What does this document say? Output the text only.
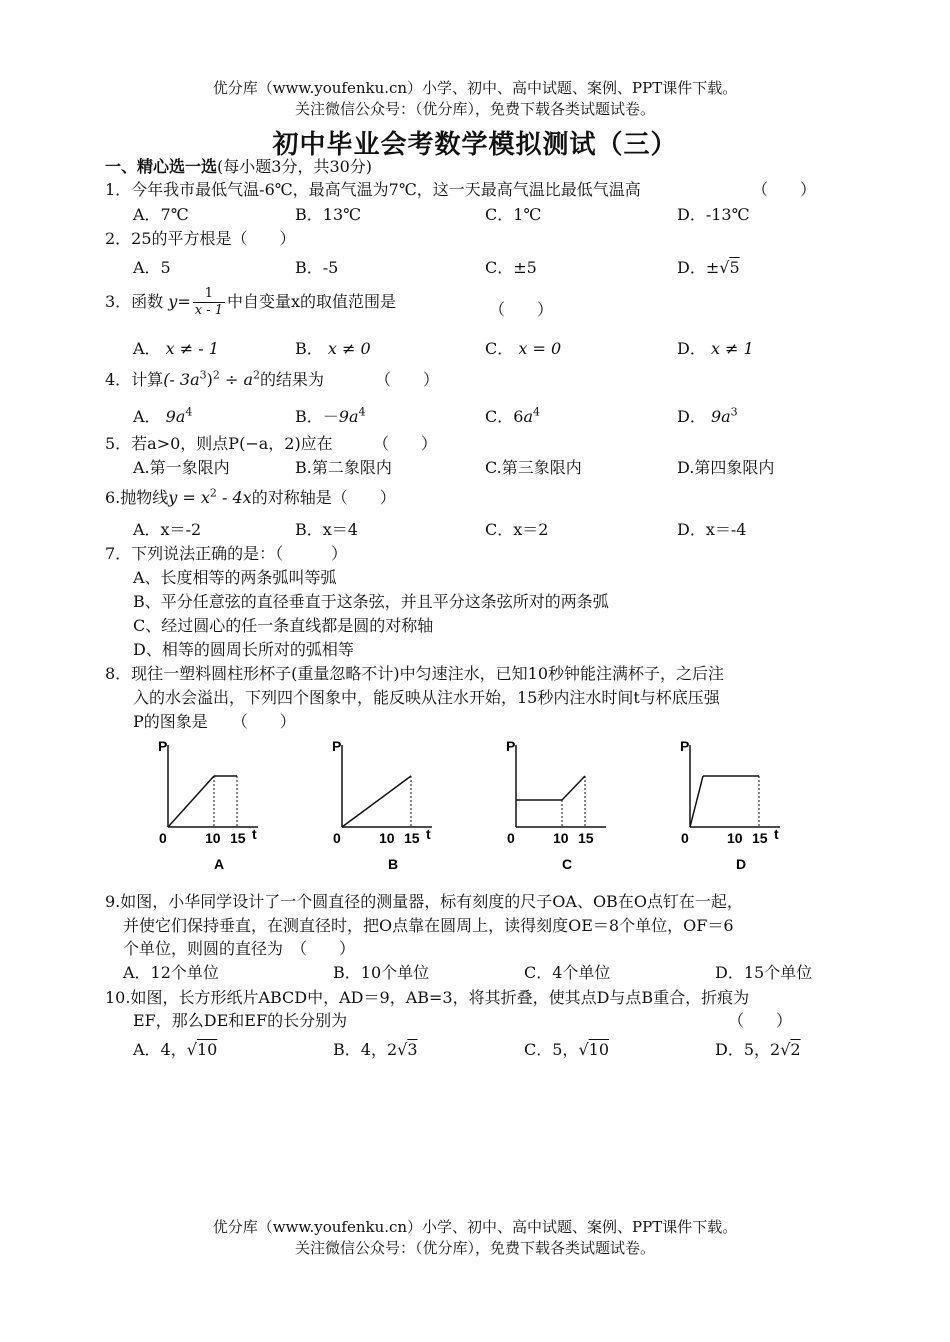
优分库（www.youfenku.cn）小学、初中、高中试题、案例、PPT课件下载。
关注微信公众号：（优分库），免费下载各类试题试卷。
初中毕业会考数学模拟测试（三）
一、精心选一选(每小题3分，共30分)
1．今年我市最低气温-6℃，最高气温为7℃，这一天最高气温比最低气温高	（　　）
A．7℃	B．13℃	C．1℃	D．-13℃
2．25的平方根是（　　）
A．5	B．-5	C．±5	D．±√5
3．函数 $y= \frac{1}{x - 1}$ 中自变量x的取值范围是	（　　）
A． x ≠ - 1	B． x ≠ 0	C． x = 0	D． x ≠ 1
4．计算(- $3a^3)^2 \div a^2$的结果为	（　　）
A． $9a^4$	B．$-9a^4$	C．$6a^4$	D． $9a^3$
5．若a>0，则点P(−a，2)应在	（　　）
A.第一象限内	B.第二象限内	C.第三象限内	D.第四象限内
6.抛物线$y = x^2 - 4x$的对称轴是（　　）
A．x＝-2	B．x＝4	C．x＝2	D．x＝-4
7．下列说法正确的是：（　　　）
A、长度相等的两条弧叫等弧
B、平分任意弦的直径垂直于这条弦，并且平分这条弦所对的两条弧
C、经过圆心的任一条直线都是圆的对称轴
D、相等的圆周长所对的弧相等
8．现往一塑料圆柱形杯子(重量忽略不计)中匀速注水，已知10秒钟能注满杯子，之后注
入的水会溢出，下列四个图象中，能反映从注水开始，15秒内注水时间t与杯底压强
P的图象是　　（　　）
P
t
0	10 15
A
P
t
0	10 15
B
P
0	10 15
C
P
t
0	10 15
D
9.如图，小华同学设计了一个圆直径的测量器，标有刻度的尺子OA、OB在O点钉在一起，
并使它们保持垂直，在测直径时，把O点靠在圆周上，读得刻度OE＝8个单位，OF＝6
个单位，则圆的直径为　（　　）
A．12个单位	B．10个单位	C．4个单位	D．15个单位
10.如图，长方形纸片ABCD中，AD＝9，AB=3，将其折叠，使其点D与点B重合，折痕为
EF，那么DE和EF的长分别为	（　　）
A．4，√10	B．4，2√3	C．5，√10	D．5，2√2
优分库（www.youfenku.cn）小学、初中、高中试题、案例、PPT课件下载。
关注微信公众号：（优分库），免费下载各类试题试卷。
